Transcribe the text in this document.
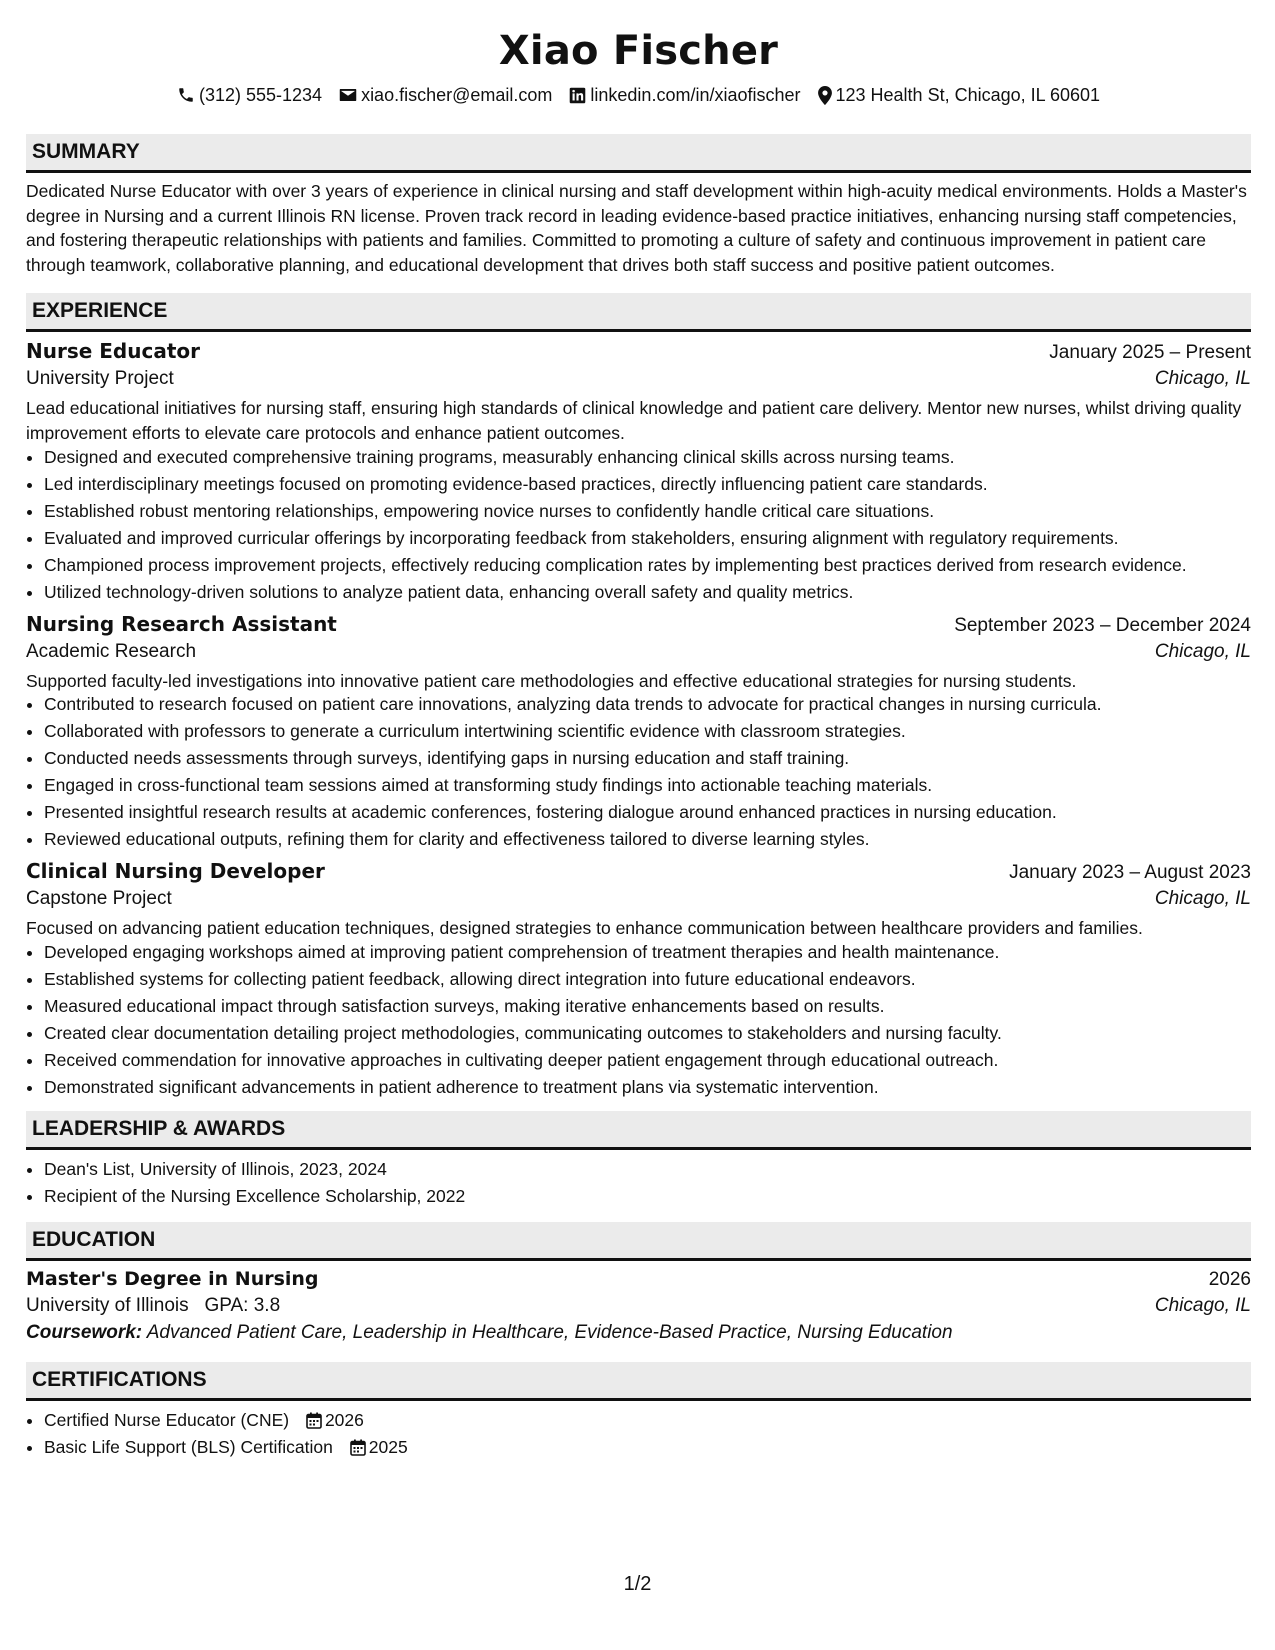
Xiao Fischer
(312) 555-1234 xiao.fischer@email.com linkedin.com/in/xiaofischer 123 Health St, Chicago, IL 60601
SUMMARY
Dedicated Nurse Educator with over 3 years of experience in clinical nursing and staff development within high-acuity medical environments. Holds a Master's degree in Nursing and a current Illinois RN license. Proven track record in leading evidence-based practice initiatives, enhancing nursing staff competencies, and fostering therapeutic relationships with patients and families. Committed to promoting a culture of safety and continuous improvement in patient care through teamwork, collaborative planning, and educational development that drives both staff success and positive patient outcomes.
EXPERIENCE
Nurse Educator	January 2025 – Present
University Project	Chicago, IL
Lead educational initiatives for nursing staff, ensuring high standards of clinical knowledge and patient care delivery. Mentor new nurses, whilst driving quality improvement efforts to elevate care protocols and enhance patient outcomes.
• Designed and executed comprehensive training programs, measurably enhancing clinical skills across nursing teams.
• Led interdisciplinary meetings focused on promoting evidence-based practices, directly influencing patient care standards.
• Established robust mentoring relationships, empowering novice nurses to confidently handle critical care situations.
• Evaluated and improved curricular offerings by incorporating feedback from stakeholders, ensuring alignment with regulatory requirements.
• Championed process improvement projects, effectively reducing complication rates by implementing best practices derived from research evidence.
• Utilized technology-driven solutions to analyze patient data, enhancing overall safety and quality metrics.
Nursing Research Assistant	September 2023 – December 2024
Academic Research	Chicago, IL
Supported faculty-led investigations into innovative patient care methodologies and effective educational strategies for nursing students.
• Contributed to research focused on patient care innovations, analyzing data trends to advocate for practical changes in nursing curricula.
• Collaborated with professors to generate a curriculum intertwining scientific evidence with classroom strategies.
• Conducted needs assessments through surveys, identifying gaps in nursing education and staff training.
• Engaged in cross-functional team sessions aimed at transforming study findings into actionable teaching materials.
• Presented insightful research results at academic conferences, fostering dialogue around enhanced practices in nursing education.
• Reviewed educational outputs, refining them for clarity and effectiveness tailored to diverse learning styles.
Clinical Nursing Developer	January 2023 – August 2023
Capstone Project	Chicago, IL
Focused on advancing patient education techniques, designed strategies to enhance communication between healthcare providers and families.
• Developed engaging workshops aimed at improving patient comprehension of treatment therapies and health maintenance.
• Established systems for collecting patient feedback, allowing direct integration into future educational endeavors.
• Measured educational impact through satisfaction surveys, making iterative enhancements based on results.
• Created clear documentation detailing project methodologies, communicating outcomes to stakeholders and nursing faculty.
• Received commendation for innovative approaches in cultivating deeper patient engagement through educational outreach.
• Demonstrated significant advancements in patient adherence to treatment plans via systematic intervention.
LEADERSHIP & AWARDS
• Dean's List, University of Illinois, 2023, 2024
• Recipient of the Nursing Excellence Scholarship, 2022
EDUCATION
Master's Degree in Nursing	2026
University of Illinois GPA: 3.8	Chicago, IL
Coursework: Advanced Patient Care, Leadership in Healthcare, Evidence-Based Practice, Nursing Education
CERTIFICATIONS
• Certified Nurse Educator (CNE) 2026
• Basic Life Support (BLS) Certification 2025
1/2
